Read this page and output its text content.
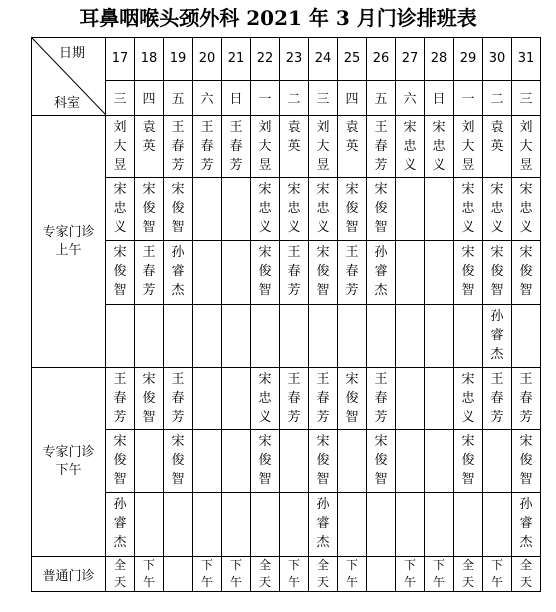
耳鼻咽喉头颈外科 2021 年 3 月门诊排班表
日期
科室	17	18	19	20	21	22	23	24	25	26	27	28	29	30	31
	三	四	五	六	日	一	二	三	四	五	六	日	一	二	三

专家门诊
上午	刘大昱	袁英	王春芳	王春芳	王春芳	刘大昱	袁英	刘大昱	袁英	王春芳	宋忠义	宋忠义	刘大昱	袁英	刘大昱
	宋忠义	宋俊智	宋俊智			宋忠义	宋忠义	宋忠义	宋俊智	宋俊智			宋忠义	宋忠义	宋忠义
	宋俊智	王春芳	孙睿杰			宋俊智	王春芳	宋俊智	王春芳	孙睿杰			宋俊智	宋俊智	宋俊智
														孙睿杰	

专家门诊
下午	王春芳	宋俊智	王春芳			宋忠义	王春芳	王春芳	宋俊智	王春芳			宋忠义	王春芳	王春芳
	宋俊智		宋俊智			宋俊智		宋俊智		宋俊智			宋俊智		宋俊智
	孙睿杰							孙睿杰							孙睿杰
普通门诊	全天	下午		下午	下午	全天	下午	全天	下午		下午	下午	全天	下午	全天
